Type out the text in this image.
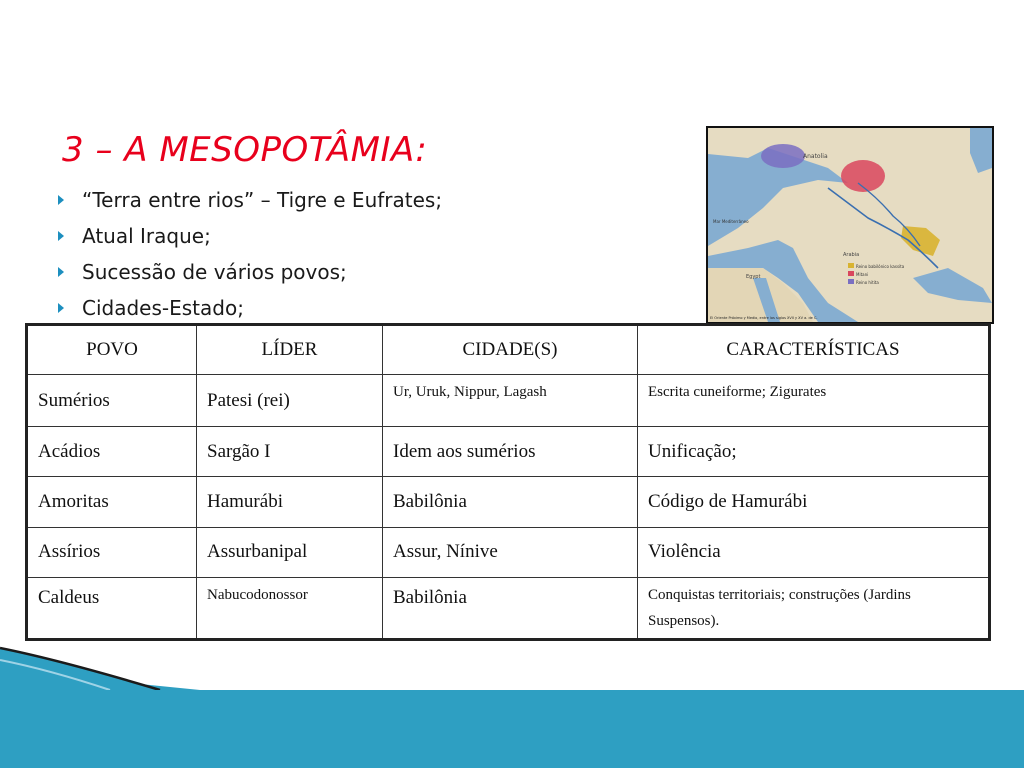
3 – A MESOPOTÂMIA:
“Terra entre rios” – Tigre e Eufrates;
Atual Iraque;
Sucessão de vários povos;
Cidades-Estado;
Reino babilónico kassita
Mitani
Reino hitita
Anatolia
Mar Mediterrâneo
Arabia
Egypt
El Oriente Próximo y Medio, entre los siglos XVII y XV a. de C.
POVO	LÍDER	CIDADE(S)	CARACTERÍSTICAS
Sumérios	Patesi (rei)	Ur, Uruk, Nippur, Lagash	Escrita cuneiforme; Zigurates
Acádios	Sargão I	Idem aos sumérios	Unificação;
Amoritas	Hamurábi	Babilônia	Código de Hamurábi
Assírios	Assurbanipal	Assur, Nínive	Violência
Caldeus	Nabucodonossor	Babilônia	Conquistas territoriais; construções (Jardins Suspensos).
